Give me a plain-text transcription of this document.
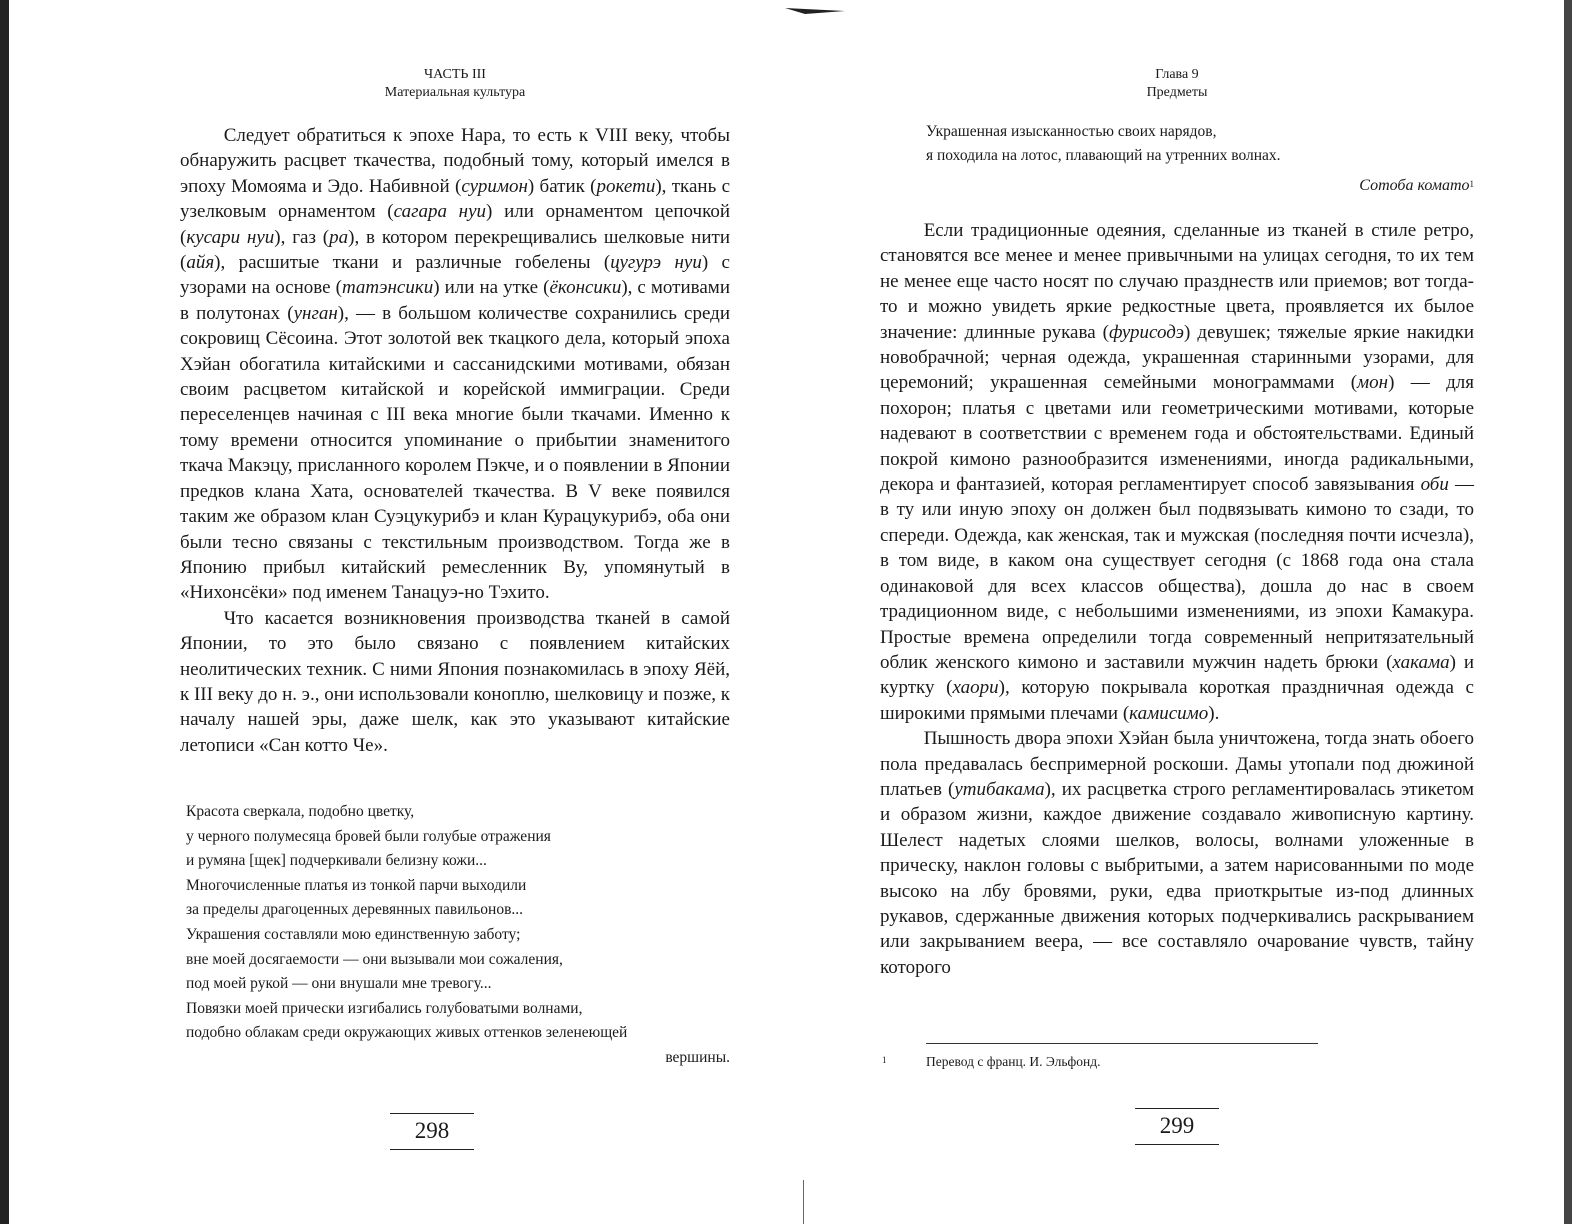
ЧАСТЬ III
Материальная культура

Следует обратиться к эпохе Нара, то есть к VIII веку, чтобы обнаружить расцвет ткачества, подобный тому, который имелся в эпоху Момояма и Эдо. Набивной (суримон) батик (рокети), ткань с узелковым орнаментом (сагара нуи) или орнаментом цепочкой (кусари нуи), газ (ра), в котором перекрещивались шелковые нити (айя), расшитые ткани и различные гобелены (цугурэ нуи) с узорами на основе (татэнсики) или на утке (ёконсики), с мотивами в полутонах (унган), — в большом количестве сохранились среди сокровищ Сёсоина. Этот золотой век ткацкого дела, который эпоха Хэйан обогатила китайскими и сассанидскими мотивами, обязан своим расцветом китайской и корейской иммиграции. Среди переселенцев начиная с III века многие были ткачами. Именно к тому времени относится упоминание о прибытии знаменитого ткача Макэцу, присланного королем Пэкче, и о появлении в Японии предков клана Хата, основателей ткачества. В V веке появился таким же образом клан Суэцукурибэ и клан Курацукурибэ, оба они были тесно связаны с текстильным производством. Тогда же в Японию прибыл китайский ремесленник Ву, упомянутый в «Нихонсёки» под именем Танацуэ-но Тэхито.

Что касается возникновения производства тканей в самой Японии, то это было связано с появлением китайских неолитических техник. С ними Япония познакомилась в эпоху Яёй, к III веку до н. э., они использовали коноплю, шелковицу и позже, к началу нашей эры, даже шелк, как это указывают китайские летописи «Сан котто Че».

Красота сверкала, подобно цветку,
у черного полумесяца бровей были голубые отражения
и румяна [щек] подчеркивали белизну кожи...
Многочисленные платья из тонкой парчи выходили
за пределы драгоценных деревянных павильонов...
Украшения составляли мою единственную заботу;
вне моей досягаемости — они вызывали мои сожаления,
под моей рукой — они внушали мне тревогу...
Повязки моей прически изгибались голубоватыми волнами,
подобно облакам среди окружающих живых оттенков зеленеющей
вершины.
298
Глава 9
Предметы
Украшенная изысканностью своих нарядов,
я походила на лотос, плавающий на утренних волнах.
Сотоба комато$^1$

Если традиционные одеяния, сделанные из тканей в стиле ретро, становятся все менее и менее привычными на улицах сегодня, то их тем не менее еще часто носят по случаю празднеств или приемов; вот тогда-то и можно увидеть яркие редкостные цвета, проявляется их былое значение: длинные рукава (фурисодэ) девушек; тяжелые яркие накидки новобрачной; черная одежда, украшенная старинными узорами, для церемоний; украшенная семейными монограммами (мон) — для похорон; платья с цветами или геометрическими мотивами, которые надевают в соответствии с временем года и обстоятельствами. Единый покрой кимоно разнообразится изменениями, иногда радикальными, декора и фантазией, которая регламентирует способ завязывания оби — в ту или иную эпоху он должен был подвязывать кимоно то сзади, то спереди. Одежда, как женская, так и мужская (последняя почти исчезла), в том виде, в каком она существует сегодня (с 1868 года она стала одинаковой для всех классов общества), дошла до нас в своем традиционном виде, с небольшими изменениями, из эпохи Камакура. Простые времена определили тогда современный непритязательный облик женского кимоно и заставили мужчин надеть брюки (хакама) и куртку (хаори), которую покрывала короткая праздничная одежда с широкими прямыми плечами (камисимо).

Пышность двора эпохи Хэйан была уничтожена, тогда знать обоего пола предавалась беспримерной роскоши. Дамы утопали под дюжиной платьев (утибакама), их расцветка строго регламентировалась этикетом и образом жизни, каждое движение создавало живописную картину. Шелест надетых слоями шелков, волосы, волнами уложенные в прическу, наклон головы с выбритыми, а затем нарисованными по моде высоко на лбу бровями, руки, едва приоткрытые из-под длинных рукавов, сдержанные движения которых подчеркивались раскрыванием или закрыванием веера, — все составляло очарование чувств, тайну которого

1	Перевод с франц. И. Эльфонд.
299
